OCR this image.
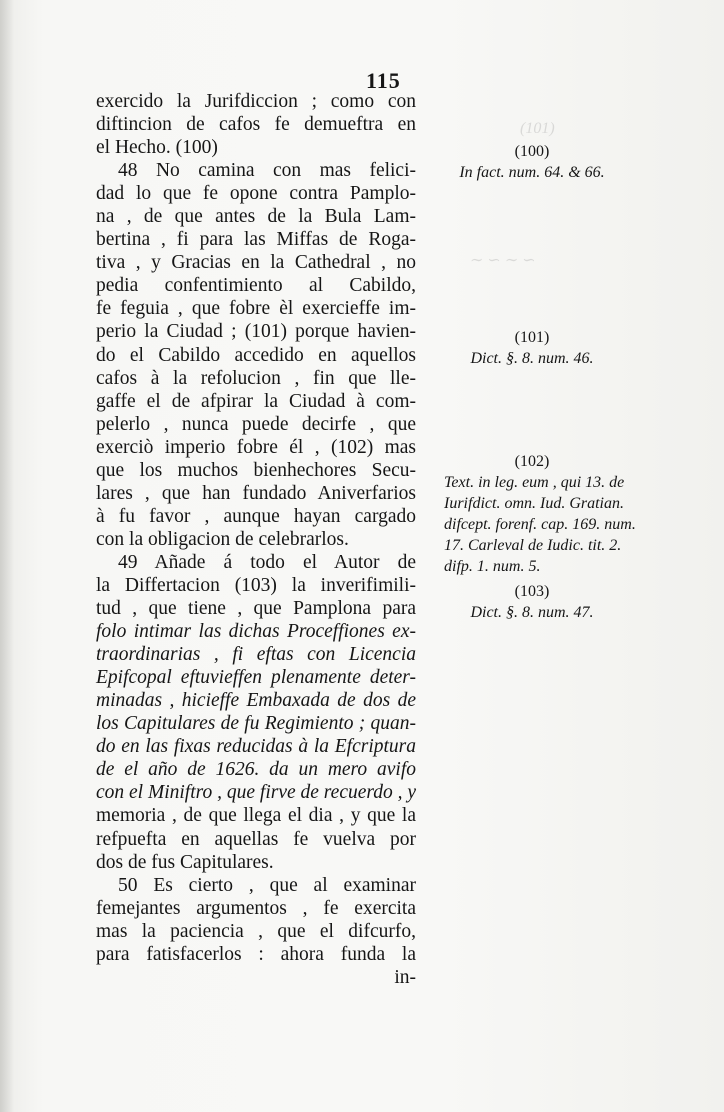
(101)
∼ ∽ ∼ ∽
115
exercido la Jurifdiccion ; como con
diftincion de cafos fe demueftra en
el Hecho. (100)
48 No camina con mas felici-
dad lo que fe opone contra Pamplo-
na , de que antes de la Bula Lam-
bertina , fi para las Miffas de Roga-
tiva , y Gracias en la Cathedral , no
pedia confentimiento al Cabildo,
fe feguia , que fobre èl exercieffe im-
perio la Ciudad ; (101) porque havien-
do el Cabildo accedido en aquellos
cafos à la refolucion , fin que lle-
gaffe el de afpirar la Ciudad à com-
pelerlo , nunca puede decirfe , que
exerciò imperio fobre él , (102) mas
que los muchos bienhechores Secu-
lares , que han fundado Aniverfarios
à fu favor , aunque hayan cargado
con la obligacion de celebrarlos.
49 Añade á todo el Autor de
la Differtacion (103) la inverifimili-
tud , que tiene , que Pamplona para
folo intimar las dichas Proceffiones ex-
traordinarias , fi eftas con Licencia
Epifcopal eftuvieffen plenamente deter-
minadas , hicieffe Embaxada de dos de
los Capitulares de fu Regimiento ; quan-
do en las fixas reducidas à la Efcriptura
de el año de 1626. da un mero avifo
con el Miniftro , que firve de recuerdo , y
memoria , de que llega el dia , y que la
refpuefta en aquellas fe vuelva por
dos de fus Capitulares.
50 Es cierto , que al examinar
femejantes argumentos , fe exercita
mas la paciencia , que el difcurfo,
para fatisfacerlos : ahora funda la
in-
(100)
In fact. num. 64. & 66.
(101)
Dict. §. 8. num. 46.
(102)
Text. in leg. eum , qui 13. de
Iurifdict. omn. Iud. Gratian.
difcept. forenf. cap. 169. num.
17. Carleval de Iudic. tit. 2.
difp. 1. num. 5.
(103)
Dict. §. 8. num. 47.
